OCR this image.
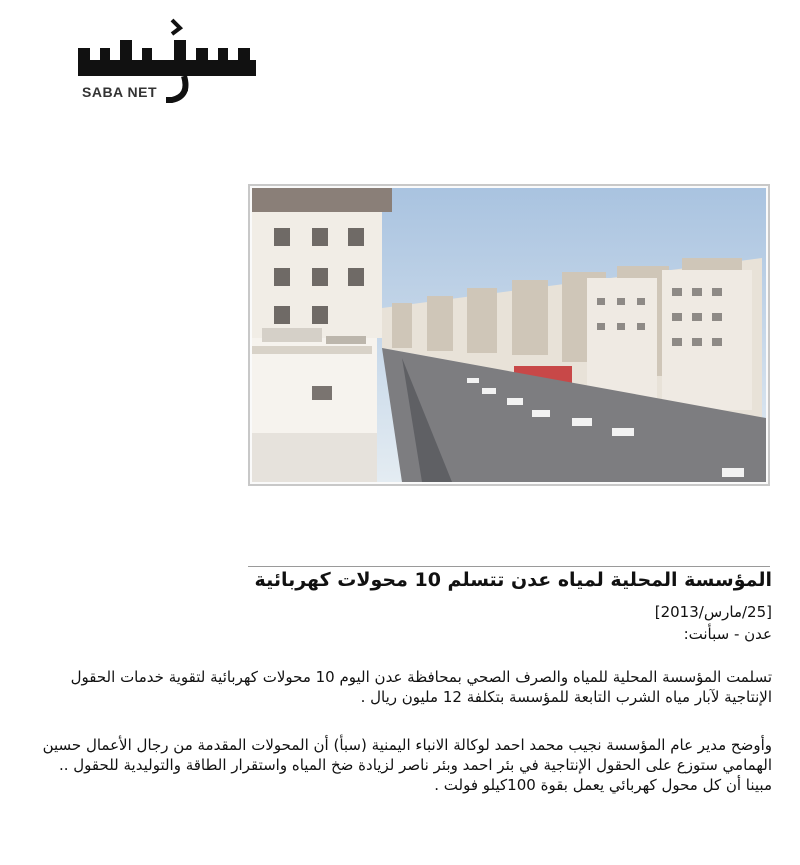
SABA NET
المؤسسة المحلية لمياه عدن تتسلم 10 محولات كهربائية
[25/مارس/2013]
عدن - سبأنت:

تسلمت المؤسسة المحلية للمياه والصرف الصحي بمحافظة عدن اليوم 10 محولات كهربائية لتقوية خدمات الحقول الإنتاجية لآبار مياه الشرب التابعة للمؤسسة بتكلفة 12 مليون ريال .

وأوضح مدير عام المؤسسة نجيب محمد احمد لوكالة الانباء اليمنية (سبأ) أن المحولات المقدمة من رجال الأعمال حسين الهمامي ستوزع على الحقول الإنتاجية في بئر احمد وبئر ناصر لزيادة ضخ المياه واستقرار الطاقة والتوليدية للحقول .. مبينا أن كل محول كهربائي يعمل بقوة 100كيلو فولت .
